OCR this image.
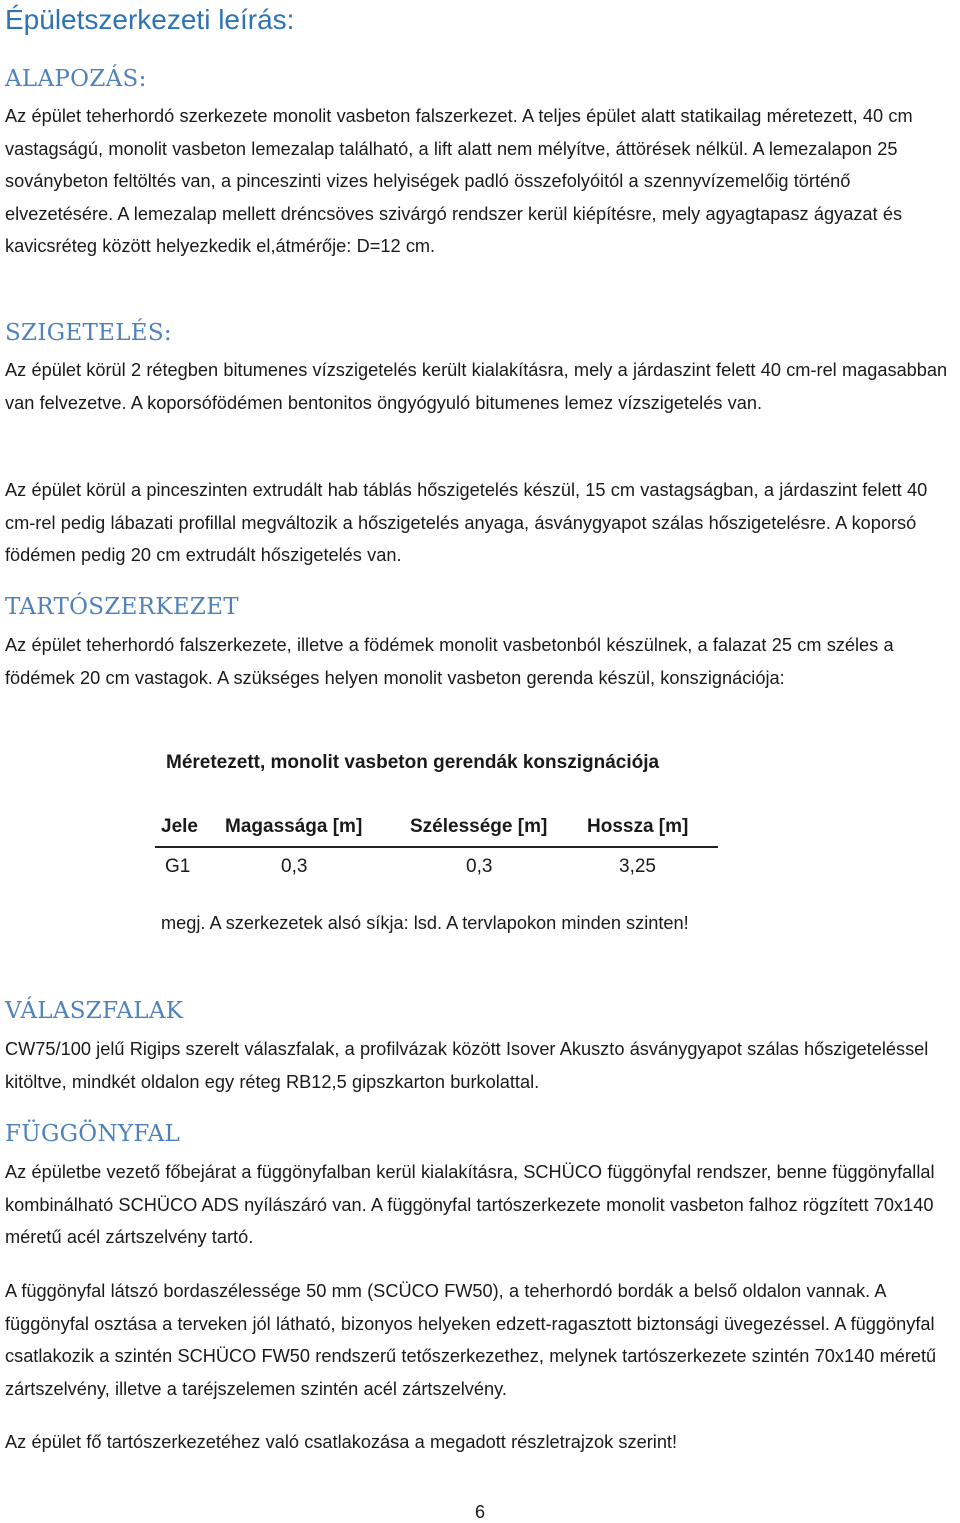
Épületszerkezeti leírás:
ALAPOZÁS:

Az épület teherhordó szerkezete monolit vasbeton falszerkezet. A teljes épület alatt statikailag méretezett, 40 cm vastagságú, monolit vasbeton lemezalap található, a lift alatt nem mélyítve, áttörések nélkül. A lemezalapon 25 soványbeton feltöltés van, a pinceszinti vizes helyiségek padló összefolyóitól a szennyvízemelőig történő elvezetésére. A lemezalap mellett dréncsöves szivárgó rendszer kerül kiépítésre, mely agyagtapasz ágyazat és kavicsréteg között helyezkedik el,átmérője: D=12 cm.

SZIGETELÉS:

Az épület körül 2 rétegben bitumenes vízszigetelés került kialakításra, mely a járdaszint felett 40 cm-rel magasabban van felvezetve. A koporsófödémen bentonitos öngyógyuló bitumenes lemez vízszigetelés van.

Az épület körül a pinceszinten extrudált hab táblás hőszigetelés készül, 15 cm vastagságban, a járdaszint felett 40 cm-rel pedig lábazati profillal megváltozik a hőszigetelés anyaga, ásványgyapot szálas hőszigetelésre. A koporsó födémen pedig 20 cm extrudált hőszigetelés van.

TARTÓSZERKEZET

Az épület teherhordó falszerkezete, illetve a födémek monolit vasbetonból készülnek, a falazat 25 cm széles a födémek 20 cm vastagok. A szükséges helyen monolit vasbeton gerenda készül, konszignációja:

Méretezett, monolit vasbeton gerendák konszignációja

Jele	Magassága [m]	Szélessége [m]	Hossza [m]
G1	0,3	0,3	3,25

megj. A szerkezetek alsó síkja: lsd. A tervlapokon minden szinten!

VÁLASZFALAK

CW75/100 jelű Rigips szerelt válaszfalak, a profilvázak között Isover Akuszto ásványgyapot szálas hőszigeteléssel kitöltve, mindkét oldalon egy réteg RB12,5 gipszkarton burkolattal.

FÜGGÖNYFAL

Az épületbe vezető főbejárat a függönyfalban kerül kialakításra, SCHÜCO függönyfal rendszer, benne függönyfallal kombinálható SCHÜCO ADS nyílászáró van. A függönyfal tartószerkezete monolit vasbeton falhoz rögzített 70x140 méretű acél zártszelvény tartó.

A függönyfal látszó bordaszélessége 50 mm (SCÜCO FW50), a teherhordó bordák a belső oldalon vannak. A függönyfal osztása a terveken jól látható, bizonyos helyeken edzett-ragasztott biztonsági üvegezéssel. A függönyfal csatlakozik a szintén SCHÜCO FW50 rendszerű tetőszerkezethez, melynek tartószerkezete szintén 70x140 méretű zártszelvény, illetve a taréjszelemen szintén acél zártszelvény.

Az épület fő tartószerkezetéhez való csatlakozása a megadott részletrajzok szerint!

6
